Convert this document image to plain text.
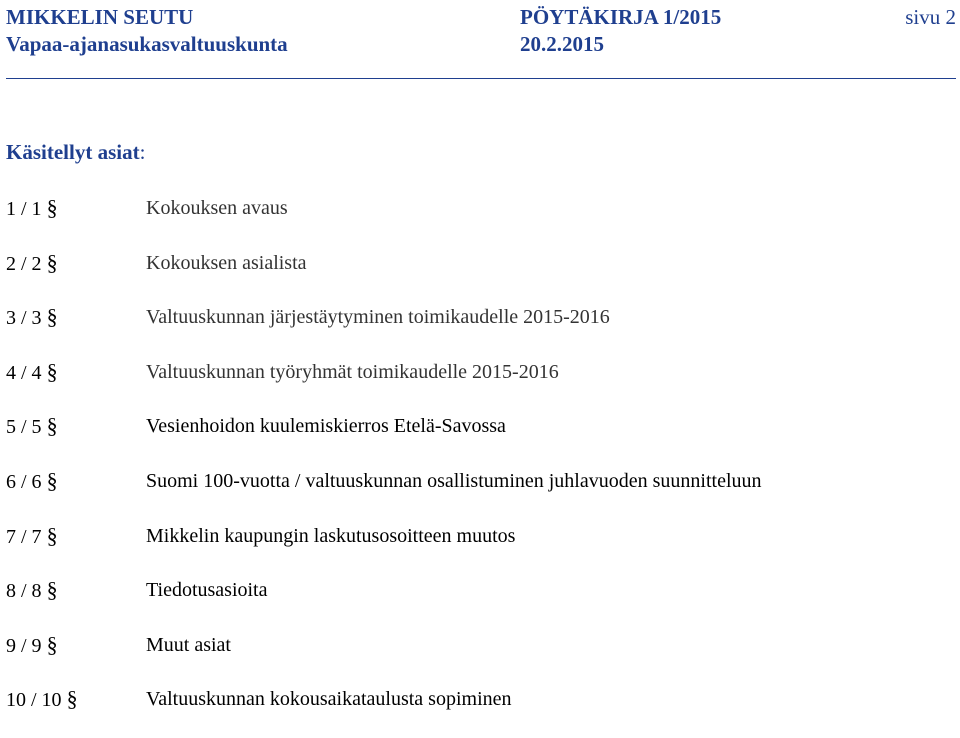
MIKKELIN SEUTU	PÖYTÄKIRJA 1/2015	sivu 2
Vapaa-ajanasukasvaltuuskunta	20.2.2015
Käsitellyt asiat:
1 / 1 §	Kokouksen avaus
2 / 2 §	Kokouksen asialista
3 / 3 §	Valtuuskunnan järjestäytyminen toimikaudelle 2015-2016
4 / 4 §	Valtuuskunnan työryhmät toimikaudelle 2015-2016
5 / 5 §	Vesienhoidon kuulemiskierros Etelä-Savossa
6 / 6 §	Suomi 100-vuotta / valtuuskunnan osallistuminen juhlavuoden suunnitteluun
7 / 7 §	Mikkelin kaupungin laskutusosoitteen muutos
8 / 8 §	Tiedotusasioita
9 / 9 §	Muut asiat
10 / 10 §	Valtuuskunnan kokousaikataulusta sopiminen
